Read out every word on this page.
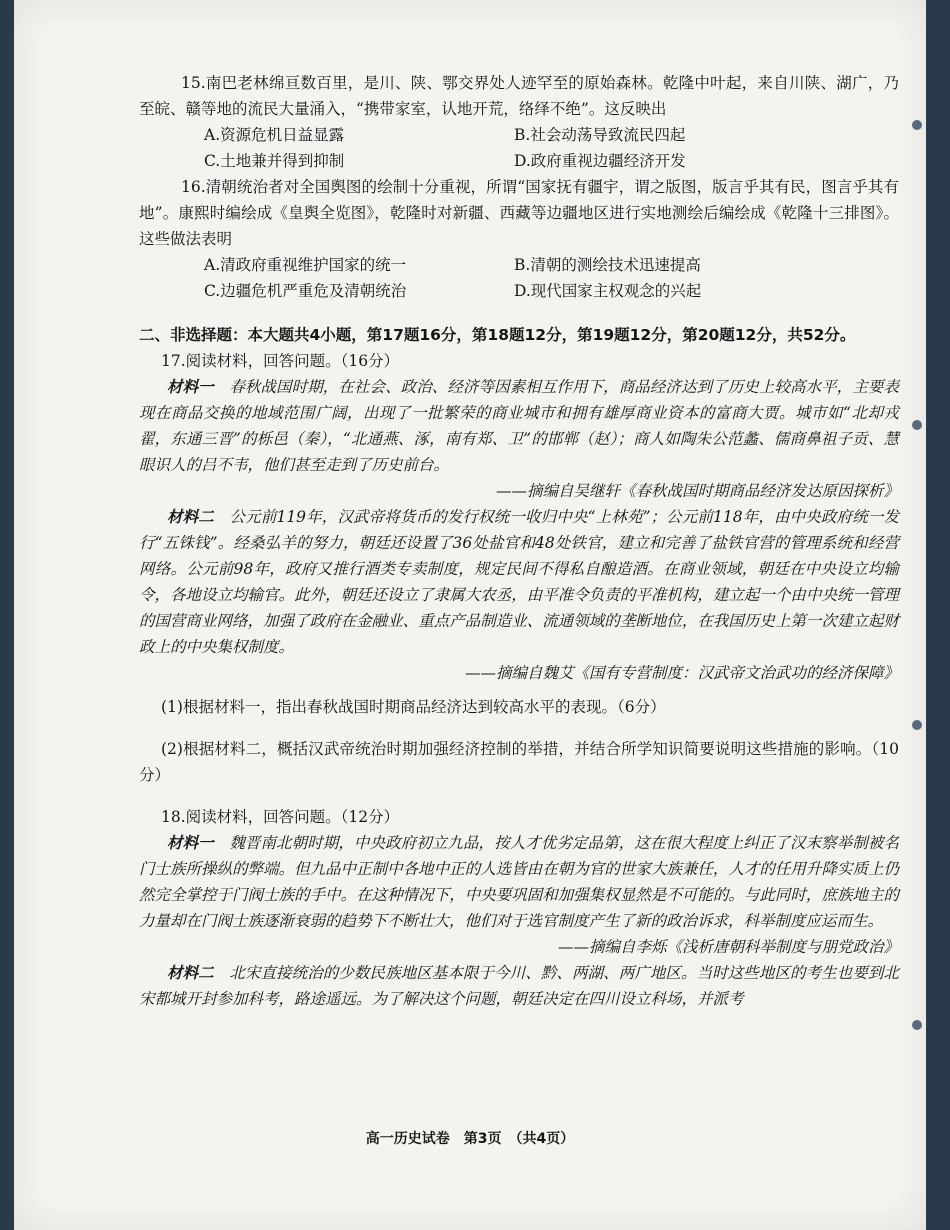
15.南巴老林绵亘数百里，是川、陕、鄂交界处人迹罕至的原始森林。乾隆中叶起，来自川陕、湖广，乃至皖、赣等地的流民大量涌入，“携带家室，认地开荒，络绎不绝”。这反映出

A.资源危机日益显露	B.社会动荡导致流民四起
C.土地兼并得到抑制	D.政府重视边疆经济开发

16.清朝统治者对全国舆图的绘制十分重视，所谓“国家抚有疆宇，谓之版图，版言乎其有民，图言乎其有地”。康熙时编绘成《皇舆全览图》，乾隆时对新疆、西藏等边疆地区进行实地测绘后编绘成《乾隆十三排图》。这些做法表明

A.清政府重视维护国家的统一	B.清朝的测绘技术迅速提高
C.边疆危机严重危及清朝统治	D.现代国家主权观念的兴起

二、非选择题：本大题共4小题，第17题16分，第18题12分，第19题12分，第20题12分，共52分。

17.阅读材料，回答问题。（16分）

材料一　 春秋战国时期，在社会、政治、经济等因素相互作用下，商品经济达到了历史上较高水平，主要表现在商品交换的地域范围广阔，出现了一批繁荣的商业城市和拥有雄厚商业资本的富商大贾。城市如“北却戎翟，东通三晋”的栎邑（秦），“北通燕、涿，南有郑、卫”的邯郸（赵）；商人如陶朱公范蠡、儒商鼻祖子贡、慧眼识人的吕不韦，他们甚至走到了历史前台。

——摘编自吴继轩《春秋战国时期商品经济发达原因探析》

材料二　 公元前119年，汉武帝将货币的发行权统一收归中央“上林苑”；公元前118年，由中央政府统一发行“五铢钱”。经桑弘羊的努力，朝廷还设置了36处盐官和48处铁官，建立和完善了盐铁官营的管理系统和经营网络。公元前98年，政府又推行酒类专卖制度，规定民间不得私自酿造酒。在商业领域，朝廷在中央设立均输令，各地设立均输官。此外，朝廷还设立了隶属大农丞，由平准令负责的平准机构，建立起一个由中央统一管理的国营商业网络，加强了政府在金融业、重点产品制造业、流通领域的垄断地位，在我国历史上第一次建立起财政上的中央集权制度。

——摘编自魏艾《国有专营制度：汉武帝文治武功的经济保障》

(1)根据材料一，指出春秋战国时期商品经济达到较高水平的表现。（6分）

(2)根据材料二，概括汉武帝统治时期加强经济控制的举措，并结合所学知识简要说明这些措施的影响。（10分）

18.阅读材料，回答问题。（12分）

材料一　 魏晋南北朝时期，中央政府初立九品，按人才优劣定品第，这在很大程度上纠正了汉末察举制被名门士族所操纵的弊端。但九品中正制中各地中正的人选皆由在朝为官的世家大族兼任，人才的任用升降实质上仍然完全掌控于门阀士族的手中。在这种情况下，中央要巩固和加强集权显然是不可能的。与此同时，庶族地主的力量却在门阀士族逐渐衰弱的趋势下不断壮大，他们对于选官制度产生了新的政治诉求，科举制度应运而生。

——摘编自李烁《浅析唐朝科举制度与朋党政治》

材料二　 北宋直接统治的少数民族地区基本限于今川、黔、两湖、两广地区。当时这些地区的考生也要到北宋都城开封参加科考，路途遥远。为了解决这个问题，朝廷决定在四川设立科场，并派考

高一历史试卷　第3页　（共4页）
